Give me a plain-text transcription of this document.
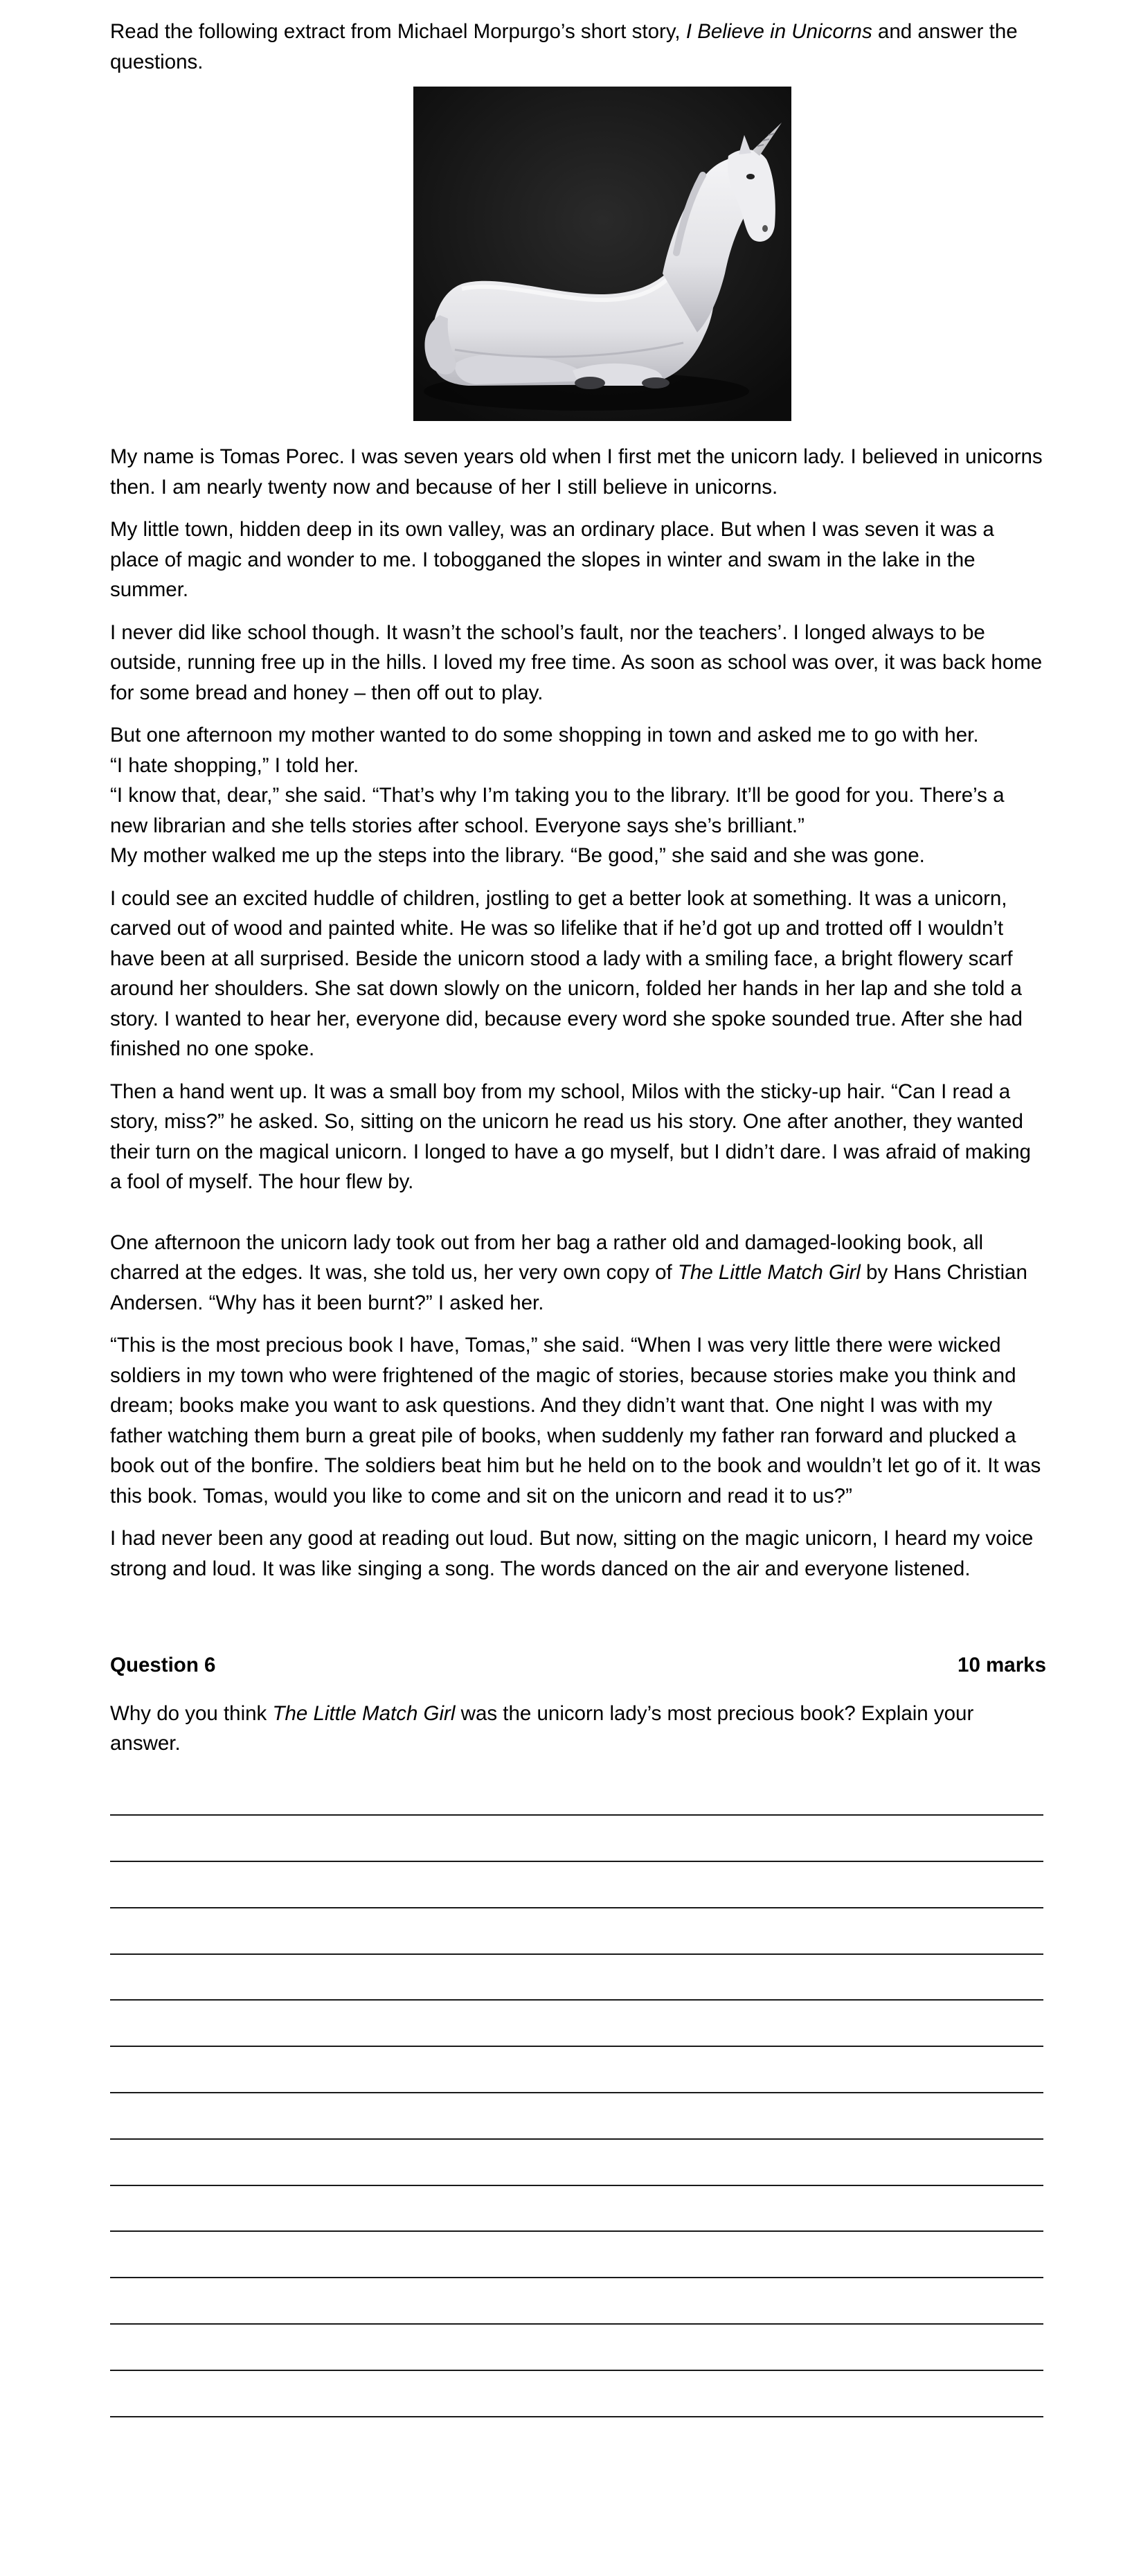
Read the following extract from Michael Morpurgo’s short story, I Believe in Unicorns and answer the questions.

My name is Tomas Porec. I was seven years old when I first met the unicorn lady. I believed in unicorns then. I am nearly twenty now and because of her I still believe in unicorns.

My little town, hidden deep in its own valley, was an ordinary place. But when I was seven it was a place of magic and wonder to me. I tobogganed the slopes in winter and swam in the lake in the summer.

I never did like school though. It wasn’t the school’s fault, nor the teachers’. I longed always to be outside, running free up in the hills. I loved my free time. As soon as school was over, it was back home for some bread and honey – then off out to play.

But one afternoon my mother wanted to do some shopping in town and asked me to go with her.
“I hate shopping,” I told her.
“I know that, dear,” she said. “That’s why I’m taking you to the library. It’ll be good for you. There’s a new librarian and she tells stories after school. Everyone says she’s brilliant.”
My mother walked me up the steps into the library. “Be good,” she said and she was gone.

I could see an excited huddle of children, jostling to get a better look at something. It was a unicorn, carved out of wood and painted white. He was so lifelike that if he’d got up and trotted off I wouldn’t have been at all surprised. Beside the unicorn stood a lady with a smiling face, a bright flowery scarf around her shoulders. She sat down slowly on the unicorn, folded her hands in her lap and she told a story. I wanted to hear her, everyone did, because every word she spoke sounded true. After she had finished no one spoke.

Then a hand went up. It was a small boy from my school, Milos with the sticky-up hair. “Can I read a story, miss?” he asked. So, sitting on the unicorn he read us his story. One after another, they wanted their turn on the magical unicorn. I longed to have a go myself, but I didn’t dare. I was afraid of making a fool of myself. The hour flew by.

One afternoon the unicorn lady took out from her bag a rather old and damaged-looking book, all charred at the edges. It was, she told us, her very own copy of The Little Match Girl by Hans Christian Andersen. “Why has it been burnt?” I asked her.

“This is the most precious book I have, Tomas,” she said. “When I was very little there were wicked soldiers in my town who were frightened of the magic of stories, because stories make you think and dream; books make you want to ask questions. And they didn’t want that. One night I was with my father watching them burn a great pile of books, when suddenly my father ran forward and plucked a book out of the bonfire. The soldiers beat him but he held on to the book and wouldn’t let go of it. It was this book. Tomas, would you like to come and sit on the unicorn and read it to us?”

I had never been any good at reading out loud. But now, sitting on the magic unicorn, I heard my voice strong and loud. It was like singing a song. The words danced on the air and everyone listened.

Question 6	10 marks

Why do you think The Little Match Girl was the unicorn lady’s most precious book? Explain your answer.
